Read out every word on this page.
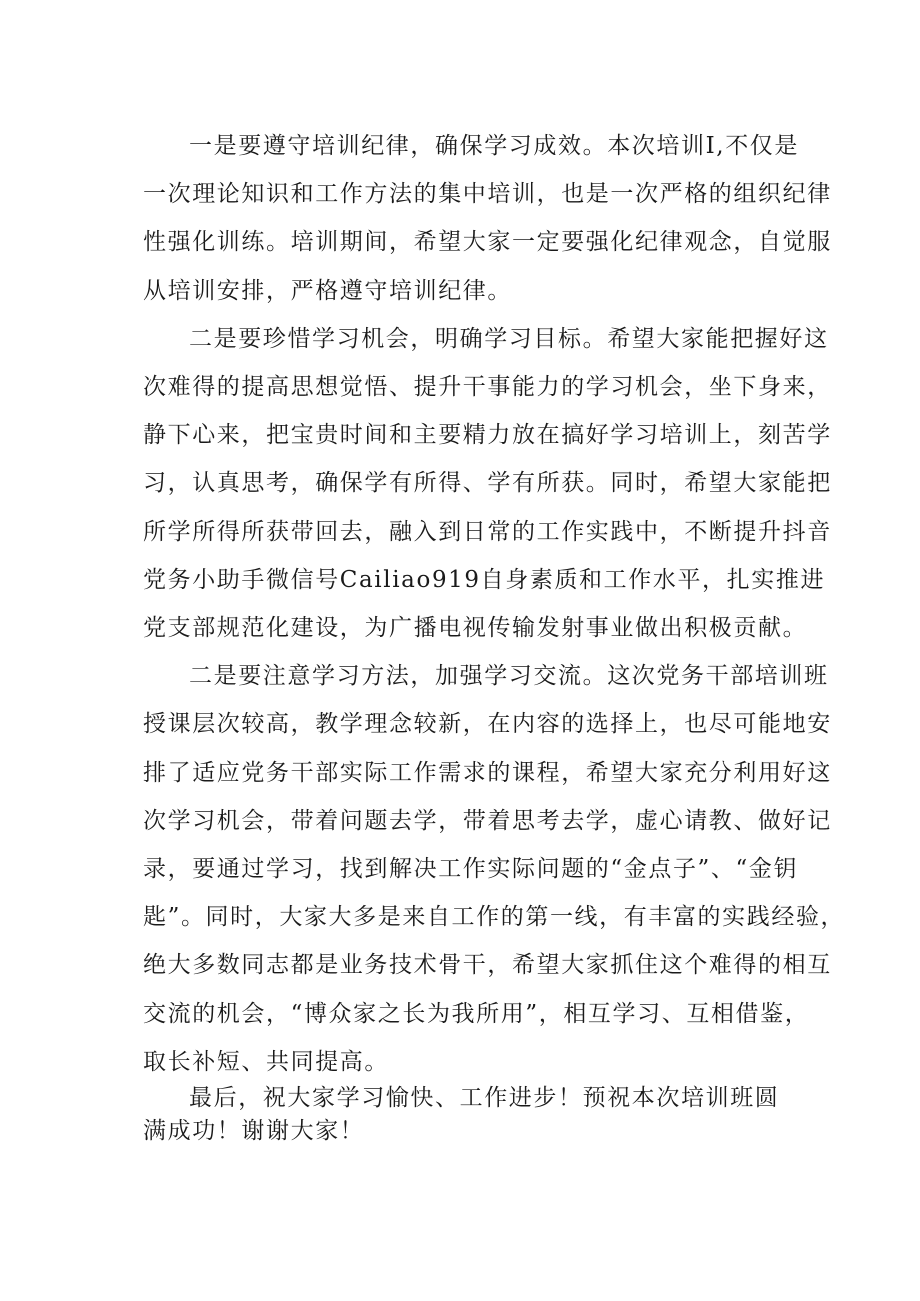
一是要遵守培训纪律，确保学习成效。本次培训I,不仅是
一次理论知识和工作方法的集中培训，也是一次严格的组织纪律
性强化训练。培训期间，希望大家一定要强化纪律观念，自觉服
从培训安排，严格遵守培训纪律。

二是要珍惜学习机会，明确学习目标。希望大家能把握好这
次难得的提高思想觉悟、提升干事能力的学习机会，坐下身来，
静下心来，把宝贵时间和主要精力放在搞好学习培训上，刻苦学
习，认真思考，确保学有所得、学有所获。同时，希望大家能把
所学所得所获带回去，融入到日常的工作实践中，不断提升抖音
党务小助手微信号Cailiao919自身素质和工作水平，扎实推进
党支部规范化建设，为广播电视传输发射事业做出积极贡献。

二是要注意学习方法，加强学习交流。这次党务干部培训班
授课层次较高，教学理念较新，在内容的选择上，也尽可能地安
排了适应党务干部实际工作需求的课程，希望大家充分利用好这
次学习机会，带着问题去学，带着思考去学，虚心请教、做好记
录，要通过学习，找到解决工作实际问题的“金点子”、“金钥
匙”。同时，大家大多是来自工作的第一线，有丰富的实践经验，
绝大多数同志都是业务技术骨干，希望大家抓住这个难得的相互
交流的机会，“博众家之长为我所用”，相互学习、互相借鉴，
取长补短、共同提高。

最后，祝大家学习愉快、工作进步！预祝本次培训班圆
满成功！谢谢大家！
